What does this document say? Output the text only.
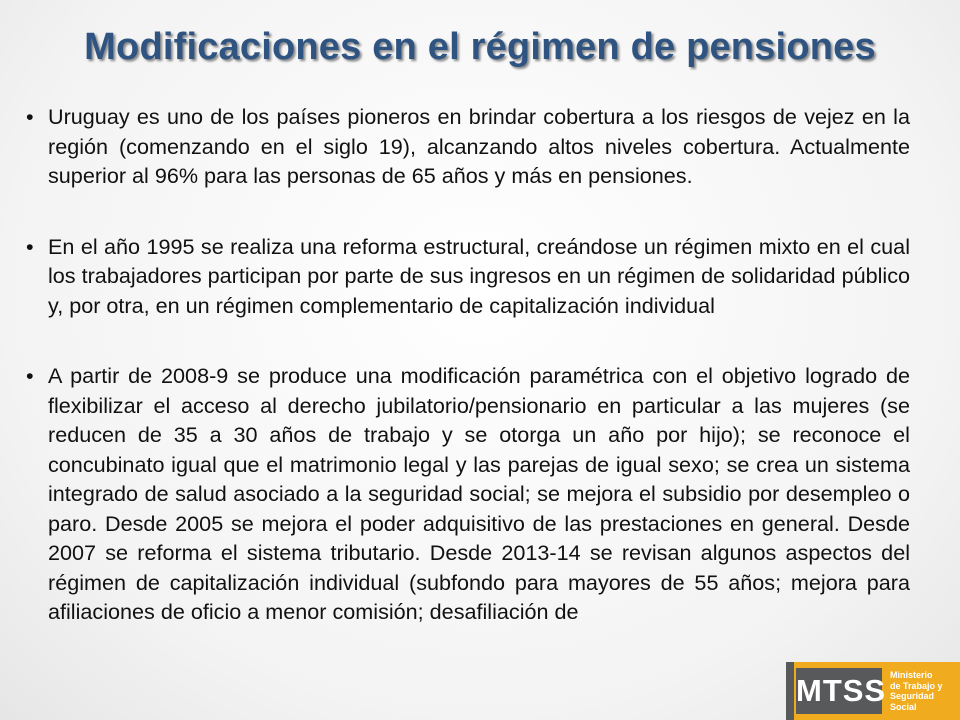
Modificaciones en el régimen de pensiones

• Uruguay es uno de los países pioneros en brindar cobertura a los riesgos de vejez en la región (comenzando en el siglo 19), alcanzando altos niveles cobertura. Actualmente superior al 96% para las personas de 65 años y más en pensiones.

• En el año 1995 se realiza una reforma estructural, creándose un régimen mixto en el cual los trabajadores participan por parte de sus ingresos en un régimen de solidaridad público y, por otra, en un régimen complementario de capitalización individual

• A partir de 2008-9 se produce una modificación paramétrica con el objetivo logrado de flexibilizar el acceso al derecho jubilatorio/pensionario en particular a las mujeres (se reducen de 35 a 30 años de trabajo y se otorga un año por hijo); se reconoce el concubinato igual que el matrimonio legal y las parejas de igual sexo; se crea un sistema integrado de salud asociado a la seguridad social; se mejora el subsidio por desempleo o paro. Desde 2005 se mejora el poder adquisitivo de las prestaciones en general. Desde 2007 se reforma el sistema tributario. Desde 2013-14 se revisan algunos aspectos del régimen de capitalización individual (subfondo para mayores de 55 años; mejora para afiliaciones de oficio a menor comisión; desafiliación de

MTSS Ministerio
de Trabajo y
Seguridad
Social
